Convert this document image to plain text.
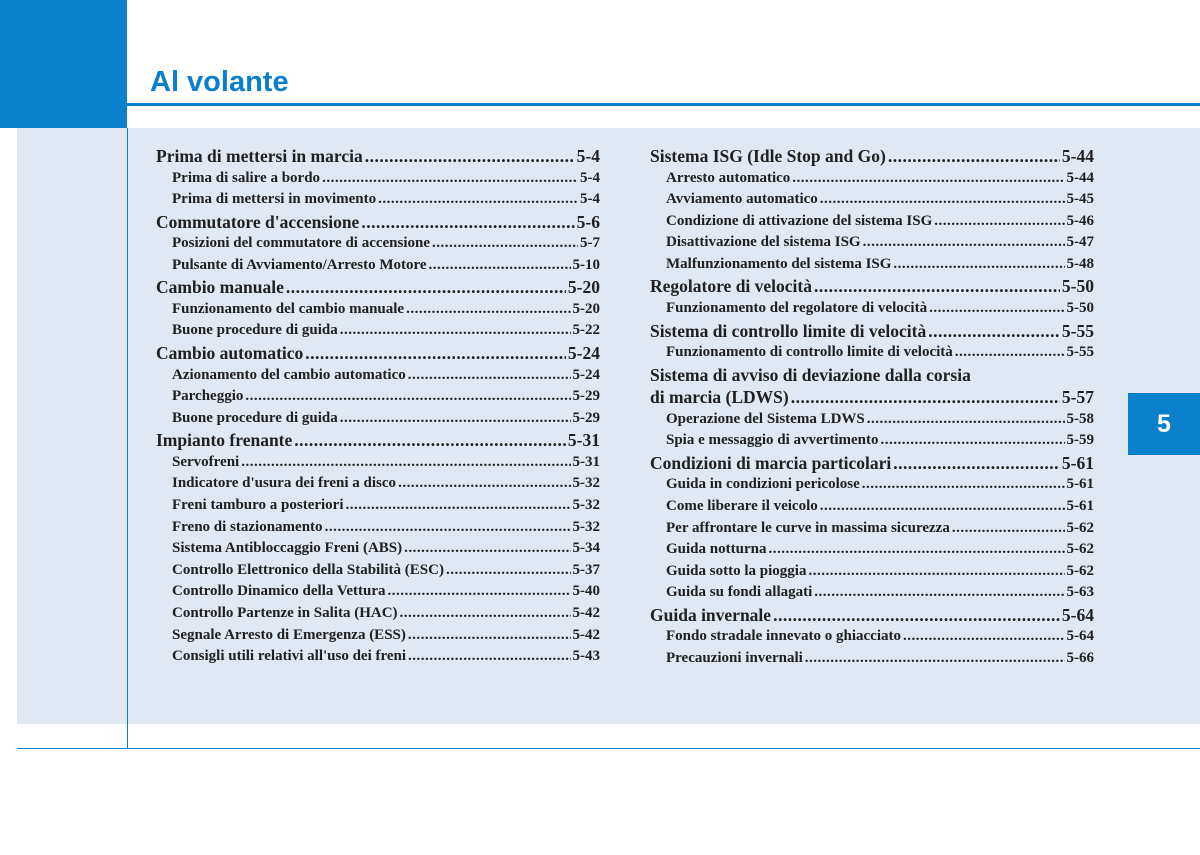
Al volante
5
Prima di mettersi in marcia .....	5-4
Prima di salire a bordo .....	5-4
Prima di mettersi in movimento .....	5-4
Commutatore d'accensione .....	5-6
Posizioni del commutatore di accensione .....	5-7
Pulsante di Avviamento/Arresto Motore .....	5-10
Cambio manuale .....	5-20
Funzionamento del cambio manuale .....	5-20
Buone procedure di guida .....	5-22
Cambio automatico .....	5-24
Azionamento del cambio automatico .....	5-24
Parcheggio .....	5-29
Buone procedure di guida .....	5-29
Impianto frenante .....	5-31
Servofreni .....	5-31
Indicatore d'usura dei freni a disco .....	5-32
Freni tamburo a posteriori .....	5-32
Freno di stazionamento .....	5-32
Sistema Antibloccaggio Freni (ABS) .....	5-34
Controllo Elettronico della Stabilità (ESC) .....	5-37
Controllo Dinamico della Vettura .....	5-40
Controllo Partenze in Salita (HAC) .....	5-42
Segnale Arresto di Emergenza (ESS) .....	5-42
Consigli utili relativi all'uso dei freni .....	5-43
Sistema ISG (Idle Stop and Go) .....	5-44
Arresto automatico .....	5-44
Avviamento automatico .....	5-45
Condizione di attivazione del sistema ISG .....	5-46
Disattivazione del sistema ISG .....	5-47
Malfunzionamento del sistema ISG .....	5-48
Regolatore di velocità .....	5-50
Funzionamento del regolatore di velocità .....	5-50
Sistema di controllo limite di velocità .....	5-55
Funzionamento di controllo limite di velocità .....	5-55
Sistema di avviso di deviazione dalla corsia
di marcia (LDWS) .....	5-57
Operazione del Sistema LDWS .....	5-58
Spia e messaggio di avvertimento .....	5-59
Condizioni di marcia particolari .....	5-61
Guida in condizioni pericolose .....	5-61
Come liberare il veicolo .....	5-61
Per affrontare le curve in massima sicurezza .....	5-62
Guida notturna .....	5-62
Guida sotto la pioggia .....	5-62
Guida su fondi allagati .....	5-63
Guida invernale .....	5-64
Fondo stradale innevato o ghiacciato .....	5-64
Precauzioni invernali .....	5-66
